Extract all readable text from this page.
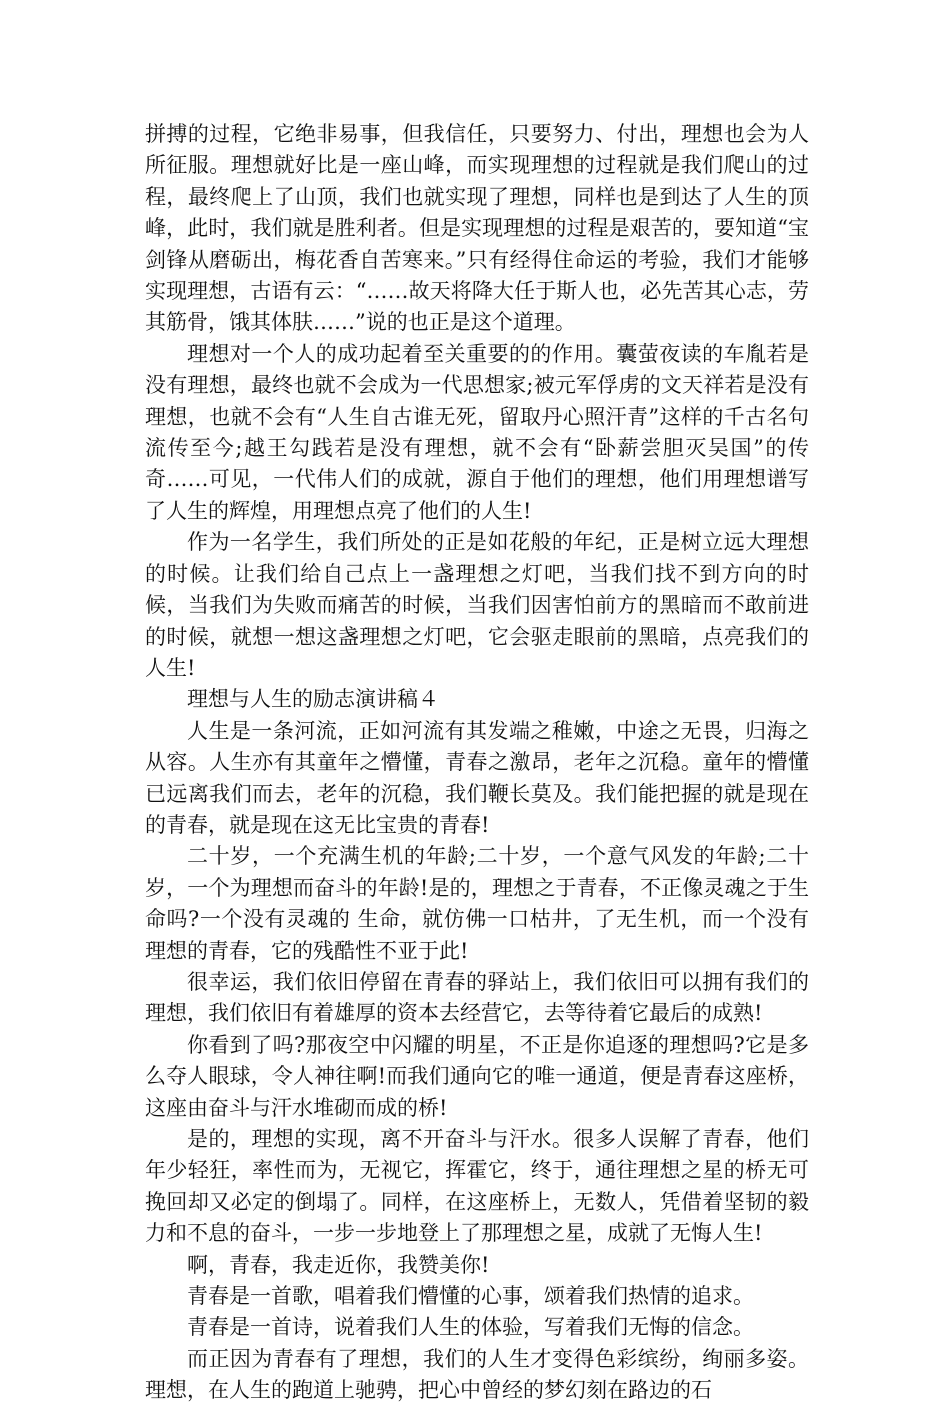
拼搏的过程，它绝非易事，但我信任，只要努力、付出，理想也会为人所征服。理想就好比是一座山峰，而实现理想的过程就是我们爬山的过程，最终爬上了山顶，我们也就实现了理想，同样也是到达了人生的顶峰，此时，我们就是胜利者。但是实现理想的过程是艰苦的，要知道“宝剑锋从磨砺出，梅花香自苦寒来。”只有经得住命运的考验，我们才能够实现理想，古语有云：“……故天将降大任于斯人也，必先苦其心志，劳其筋骨，饿其体肤……”说的也正是这个道理。

理想对一个人的成功起着至关重要的的作用。囊萤夜读的车胤若是没有理想，最终也就不会成为一代思想家;被元军俘虏的文天祥若是没有理想，也就不会有“人生自古谁无死，留取丹心照汗青”这样的千古名句流传至今;越王勾践若是没有理想，就不会有“卧薪尝胆灭吴国”的传奇……可见，一代伟人们的成就，源自于他们的理想，他们用理想谱写了人生的辉煌，用理想点亮了他们的人生!

作为一名学生，我们所处的正是如花般的年纪，正是树立远大理想的时候。让我们给自己点上一盏理想之灯吧，当我们找不到方向的时候，当我们为失败而痛苦的时候，当我们因害怕前方的黑暗而不敢前进的时候，就想一想这盏理想之灯吧，它会驱走眼前的黑暗，点亮我们的人生!

理想与人生的励志演讲稿４

人生是一条河流，正如河流有其发端之稚嫩，中途之无畏，归海之从容。人生亦有其童年之懵懂，青春之激昂，老年之沉稳。童年的懵懂已远离我们而去，老年的沉稳，我们鞭长莫及。我们能把握的就是现在的青春，就是现在这无比宝贵的青春!

二十岁，一个充满生机的年龄;二十岁，一个意气风发的年龄;二十岁，一个为理想而奋斗的年龄!是的，理想之于青春，不正像灵魂之于生命吗?一个没有灵魂的 生命，就仿佛一口枯井，了无生机，而一个没有理想的青春，它的残酷性不亚于此!

很幸运，我们依旧停留在青春的驿站上，我们依旧可以拥有我们的理想，我们依旧有着雄厚的资本去经营它，去等待着它最后的成熟!

你看到了吗?那夜空中闪耀的明星，不正是你追逐的理想吗?它是多么夺人眼球，令人神往啊!而我们通向它的唯一通道，便是青春这座桥，这座由奋斗与汗水堆砌而成的桥!

是的，理想的实现，离不开奋斗与汗水。很多人误解了青春，他们年少轻狂，率性而为，无视它，挥霍它，终于，通往理想之星的桥无可挽回却又必定的倒塌了。同样，在这座桥上，无数人，凭借着坚韧的毅力和不息的奋斗，一步一步地登上了那理想之星，成就了无悔人生!

啊，青春，我走近你，我赞美你!

青春是一首歌，唱着我们懵懂的心事，颂着我们热情的追求。

青春是一首诗，说着我们人生的体验，写着我们无悔的信念。

而正因为青春有了理想，我们的人生才变得色彩缤纷，绚丽多姿。理想，在人生的跑道上驰骋，把心中曾经的梦幻刻在路边的石
